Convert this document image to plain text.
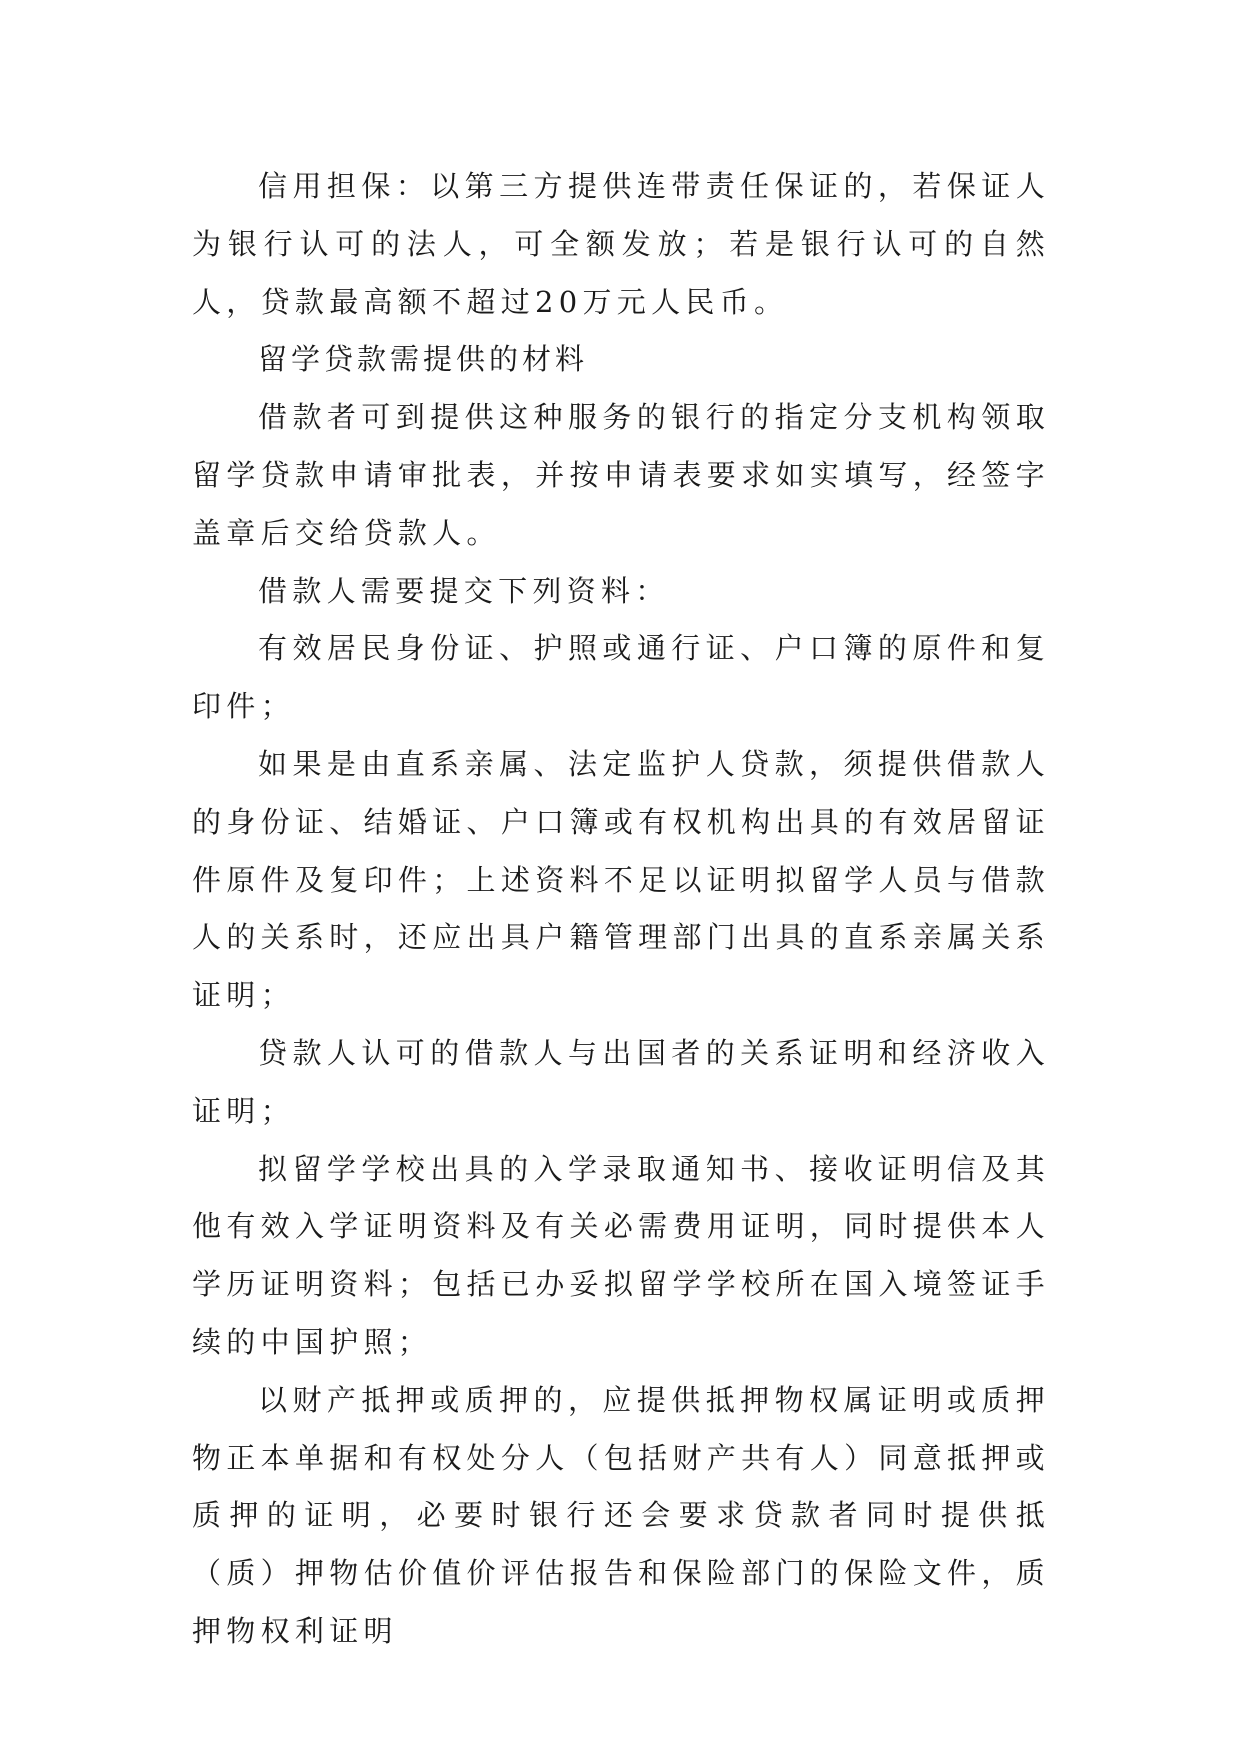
信用担保：以第三方提供连带责任保证的，若保证人为银行认可的法人，可全额发放；若是银行认可的自然人，贷款最高额不超过20万元人民币。

留学贷款需提供的材料

借款者可到提供这种服务的银行的指定分支机构领取留学贷款申请审批表，并按申请表要求如实填写，经签字盖章后交给贷款人。

借款人需要提交下列资料：

有效居民身份证、护照或通行证、户口簿的原件和复印件；

如果是由直系亲属、法定监护人贷款，须提供借款人的身份证、结婚证、户口簿或有权机构出具的有效居留证件原件及复印件；上述资料不足以证明拟留学人员与借款人的关系时，还应出具户籍管理部门出具的直系亲属关系证明；

贷款人认可的借款人与出国者的关系证明和经济收入证明；

拟留学学校出具的入学录取通知书、接收证明信及其他有效入学证明资料及有关必需费用证明，同时提供本人学历证明资料；包括已办妥拟留学学校所在国入境签证手续的中国护照；

以财产抵押或质押的，应提供抵押物权属证明或质押物正本单据和有权处分人（包括财产共有人）同意抵押或质押的证明，必要时银行还会要求贷款者同时提供抵（质）押物估价值价评估报告和保险部门的保险文件，质押物权利证明
